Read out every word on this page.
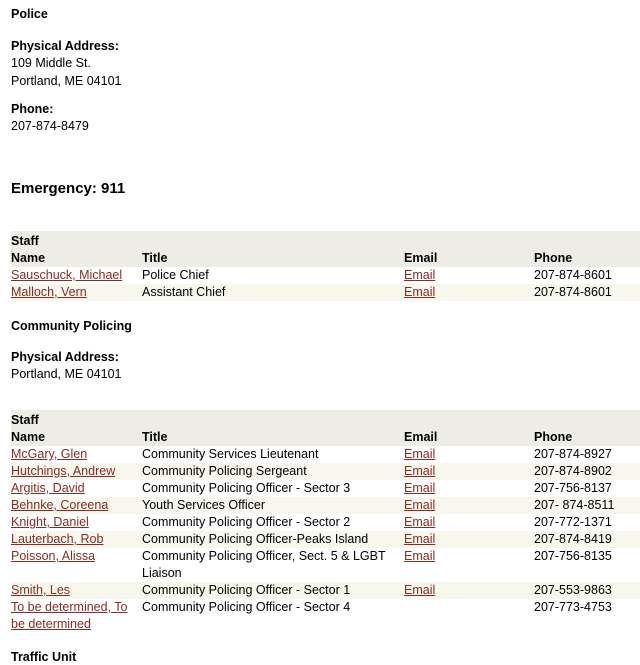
Police
Physical Address:
109 Middle St.
Portland, ME 04101
Phone:
207-874-8479
Emergency: 911
Staff			
Name	Title	Email	Phone
Sauschuck, Michael	Police Chief	Email	207-874-8601
Malloch, Vern	Assistant Chief	Email	207-874-8601
Community Policing
Physical Address:
Portland, ME 04101
Staff			
Name	Title	Email	Phone
McGary, Glen	Community Services Lieutenant	Email	207-874-8927
Hutchings, Andrew	Community Policing Sergeant	Email	207-874-8902
Argitis, David	Community Policing Officer - Sector 3	Email	207-756-8137
Behnke, Coreena	Youth Services Officer	Email	207- 874-8511
Knight, Daniel	Community Policing Officer - Sector 2	Email	207-772-1371
Lauterbach, Rob	Community Policing Officer-Peaks Island	Email	207-874-8419
Poisson, Alissa	Community Policing Officer, Sect. 5 & LGBT Liaison	Email	207-756-8135
Smith, Les	Community Policing Officer - Sector 1	Email	207-553-9863
To be determined, To be determined	Community Policing Officer - Sector 4		207-773-4753
Traffic Unit
